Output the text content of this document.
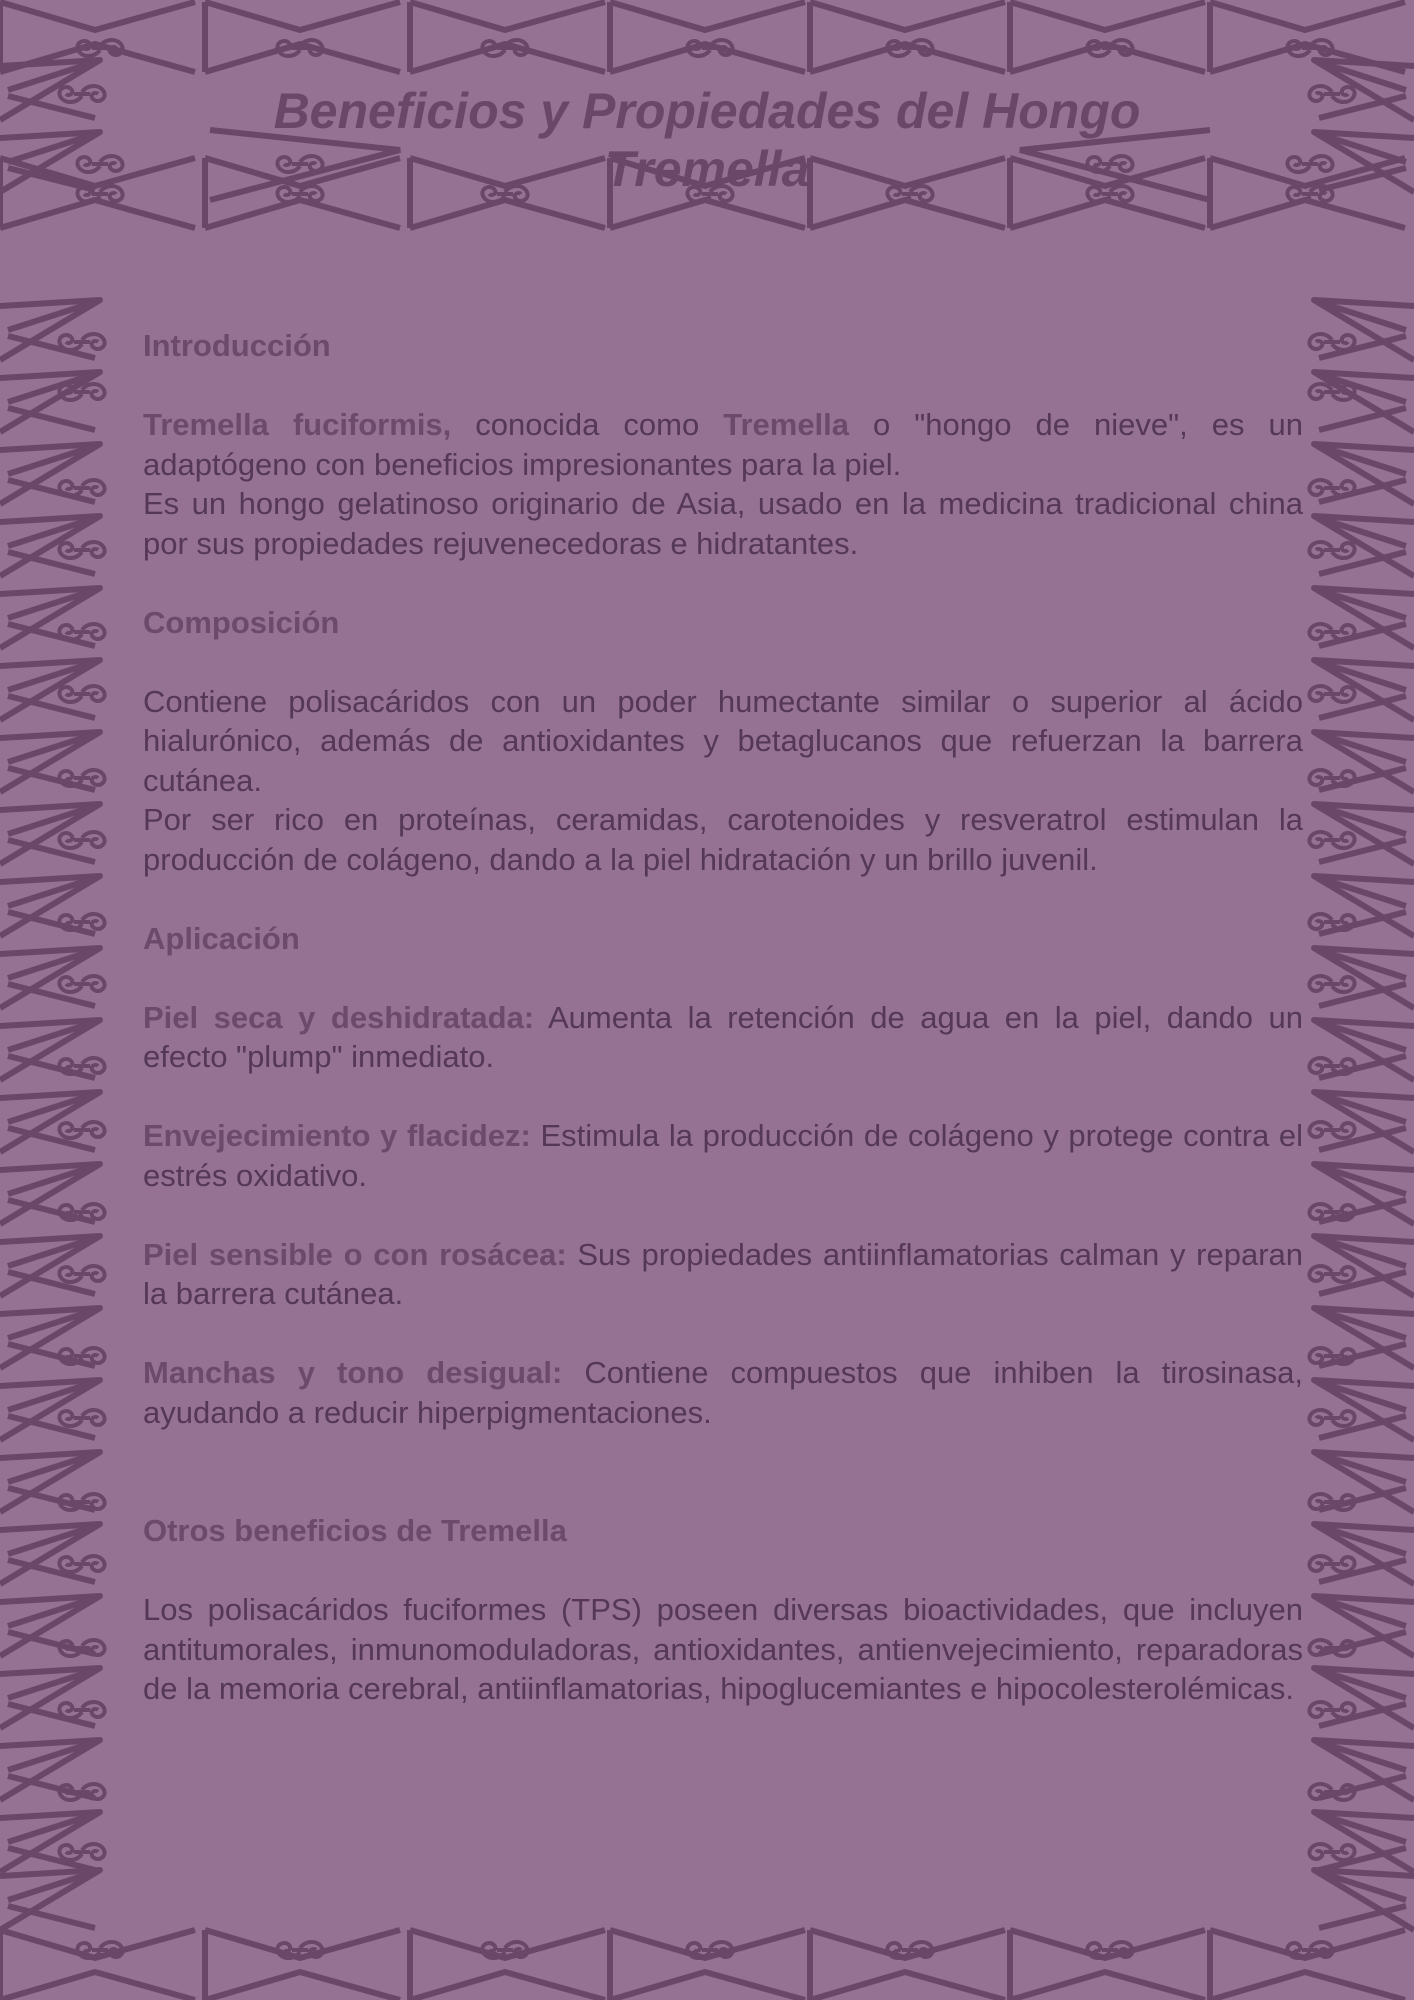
Beneficios y Propiedades del Hongo Tremella
Introducción

Tremella fuciformis, conocida como Tremella o "hongo de nieve", es un adaptógeno con beneficios impresionantes para la piel.

Es un hongo gelatinoso originario de Asia, usado en la medicina tradicional china por sus propiedades rejuvenecedoras e hidratantes.

Composición

Contiene polisacáridos con un poder humectante similar o superior al ácido hialurónico, además de antioxidantes y betaglucanos que refuerzan la barrera cutánea.

Por ser rico en proteínas, ceramidas, carotenoides y resveratrol estimulan la producción de colágeno, dando a la piel hidratación y un brillo juvenil.

Aplicación

Piel seca y deshidratada: Aumenta la retención de agua en la piel, dando un efecto "plump" inmediato.

Envejecimiento y flacidez: Estimula la producción de colágeno y protege contra el estrés oxidativo.

Piel sensible o con rosácea: Sus propiedades antiinflamatorias calman y reparan la barrera cutánea.

Manchas y tono desigual: Contiene compuestos que inhiben la tirosinasa, ayudando a reducir hiperpigmentaciones.

Otros beneficios de Tremella

Los polisacáridos fuciformes (TPS) poseen diversas bioactividades, que incluyen antitumorales, inmunomoduladoras, antioxidantes, antienvejecimiento, reparadoras de la memoria cerebral, antiinflamatorias, hipoglucemiantes e hipocolesterolémicas.
